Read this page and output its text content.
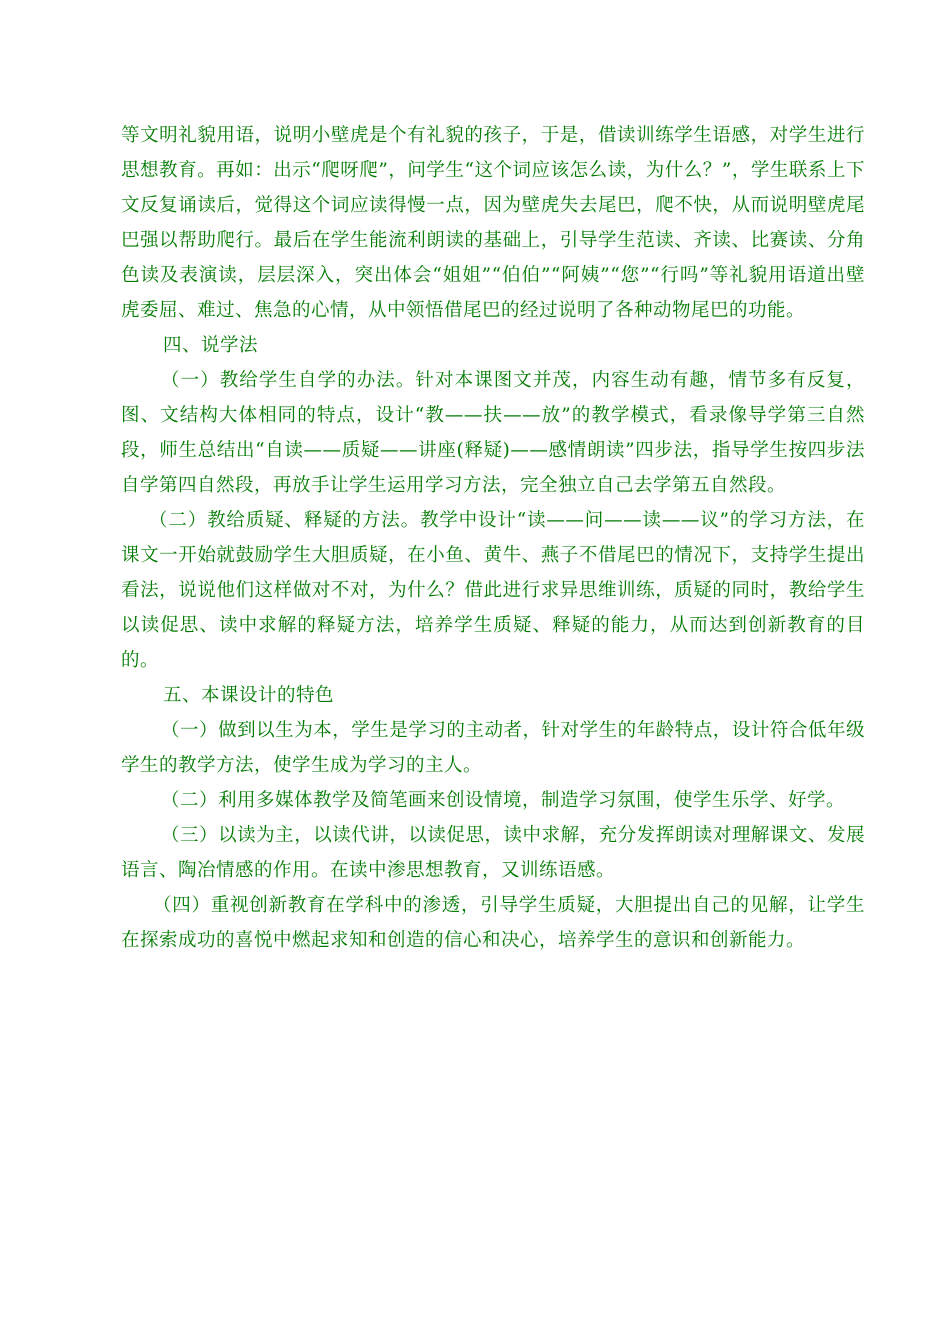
等文明礼貌用语，说明小壁虎是个有礼貌的孩子，于是，借读训练学生语感，对学生进行思想教育。再如：出示“爬呀爬”，问学生“这个词应该怎么读，为什么？”，学生联系上下文反复诵读后，觉得这个词应读得慢一点，因为壁虎失去尾巴，爬不快，从而说明壁虎尾巴强以帮助爬行。最后在学生能流利朗读的基础上，引导学生范读、齐读、比赛读、分角色读及表演读，层层深入，突出体会“姐姐”“伯伯”“阿姨”“您”“行吗”等礼貌用语道出壁虎委屈、难过、焦急的心情，从中领悟借尾巴的经过说明了各种动物尾巴的功能。

四、说学法

（一）教给学生自学的办法。针对本课图文并茂，内容生动有趣，情节多有反复，图、文结构大体相同的特点，设计“教——扶——放”的教学模式，看录像导学第三自然段，师生总结出“自读——质疑——讲座(释疑)——感情朗读”四步法，指导学生按四步法自学第四自然段，再放手让学生运用学习方法，完全独立自己去学第五自然段。

（二）教给质疑、释疑的方法。教学中设计“读——问——读——议”的学习方法，在课文一开始就鼓励学生大胆质疑，在小鱼、黄牛、燕子不借尾巴的情况下，支持学生提出看法，说说他们这样做对不对，为什么？借此进行求异思维训练，质疑的同时，教给学生以读促思、读中求解的释疑方法，培养学生质疑、释疑的能力，从而达到创新教育的目的。

五、本课设计的特色

（一）做到以生为本，学生是学习的主动者，针对学生的年龄特点，设计符合低年级学生的教学方法，使学生成为学习的主人。

（二）利用多媒体教学及简笔画来创设情境，制造学习氛围，使学生乐学、好学。

（三）以读为主，以读代讲，以读促思，读中求解，充分发挥朗读对理解课文、发展语言、陶冶情感的作用。在读中渗思想教育，又训练语感。

（四）重视创新教育在学科中的渗透，引导学生质疑，大胆提出自己的见解，让学生在探索成功的喜悦中燃起求知和创造的信心和决心，培养学生的意识和创新能力。
